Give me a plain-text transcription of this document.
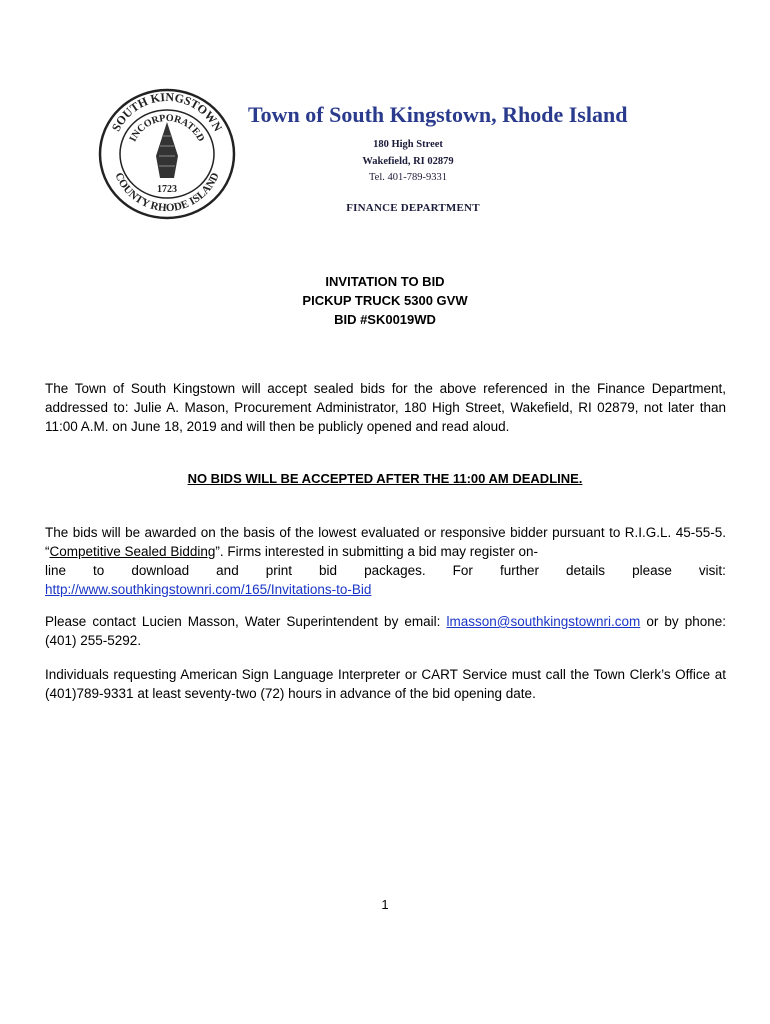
SOUTH KINGSTOWN
COUNTY RHODE ISLAND
INCORPORATED
1723
Town of South Kingstown, Rhode Island
180 High Street
Wakefield, RI 02879
Tel. 401-789-9331
FINANCE DEPARTMENT
INVITATION TO BID
PICKUP TRUCK 5300 GVW
BID #SK0019WD
The Town of South Kingstown will accept sealed bids for the above referenced in the Finance Department, addressed to: Julie A. Mason, Procurement Administrator, 180 High Street, Wakefield, RI 02879, not later than 11:00 A.M. on June 18, 2019 and will then be publicly opened and read aloud.
NO BIDS WILL BE ACCEPTED AFTER THE 11:00 AM DEADLINE.
The bids will be awarded on the basis of the lowest evaluated or responsive bidder pursuant to R.I.G.L. 45-55-5. “Competitive Sealed Bidding”. Firms interested in submitting a bid may register on-
line to download and print bid packages. For further details please visit:
http://www.southkingstownri.com/165/Invitations-to-Bid
Please contact Lucien Masson, Water Superintendent by email: lmasson@southkingstownri.com or by phone: (401) 255-5292.
Individuals requesting American Sign Language Interpreter or CART Service must call the Town Clerk’s Office at (401)789-9331 at least seventy-two (72) hours in advance of the bid opening date.
1
